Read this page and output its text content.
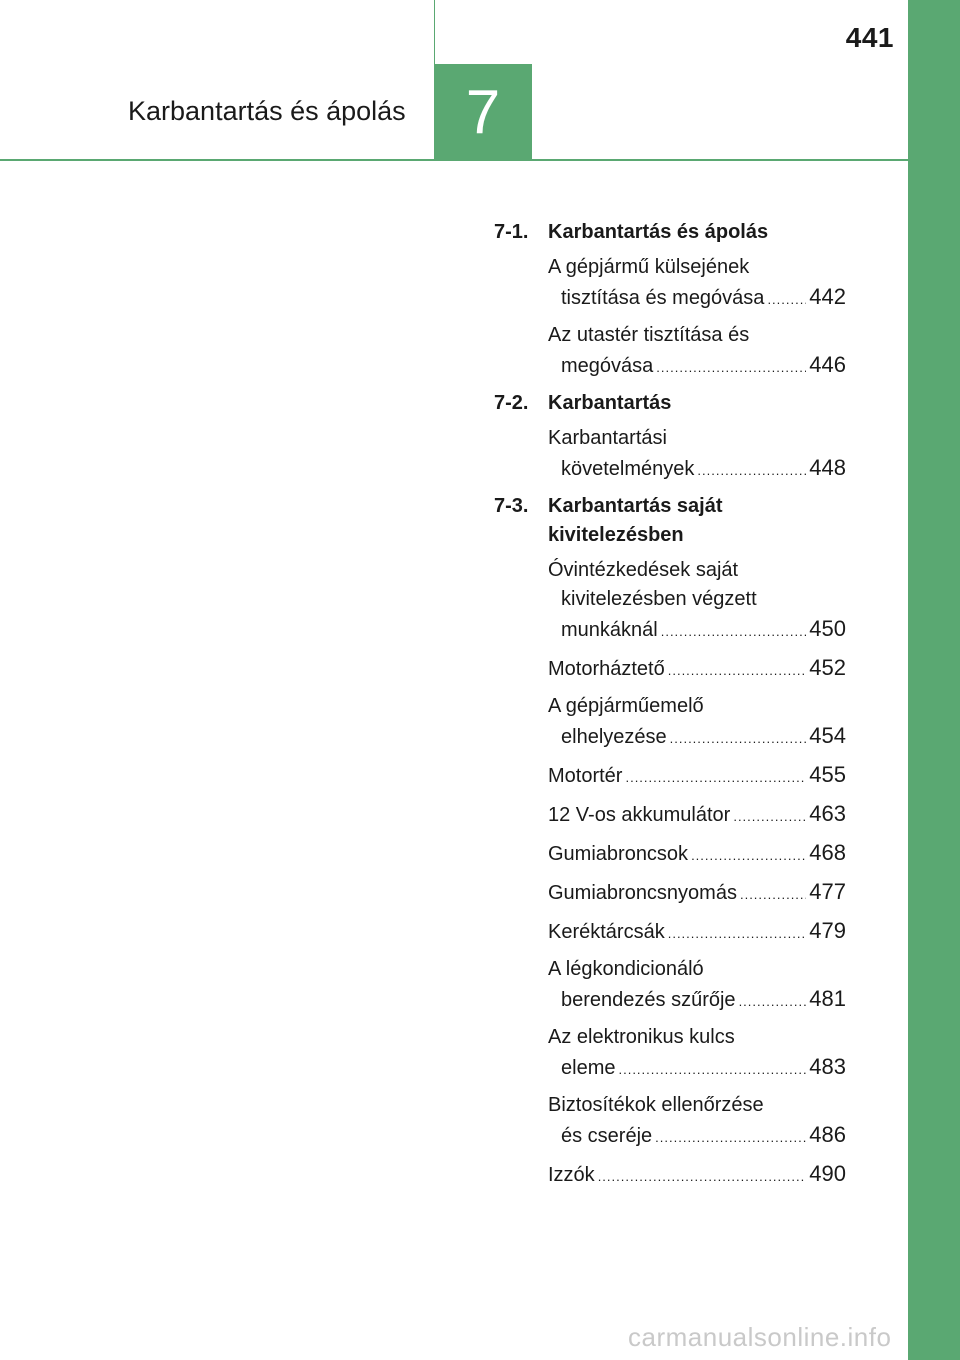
441
Karbantartás és ápolás 7
7-1. Karbantartás és ápolás
A gépjármű külsejének
tisztítása és megóvása ..... 442
Az utastér tisztítása és
megóvása .....	446
7-2. Karbantartás
Karbantartási
követelmények .....	448
7-3. Karbantartás saját
kivitelezésben
Óvintézkedések saját
kivitelezésben végzett
munkáknál .....	450
Motorháztető .....	452
A gépjárműemelő
elhelyezése .....	454
Motortér .....	455
12 V-os akkumulátor .....	463
Gumiabroncsok .....	468
Gumiabroncsnyomás .....	477
Keréktárcsák .....	479
A légkondicionáló
berendezés szűrője .....	481
Az elektronikus kulcs
eleme .....	483
Biztosítékok ellenőrzése
és cseréje .....	486
Izzók .....	490
carmanualsonline.info
